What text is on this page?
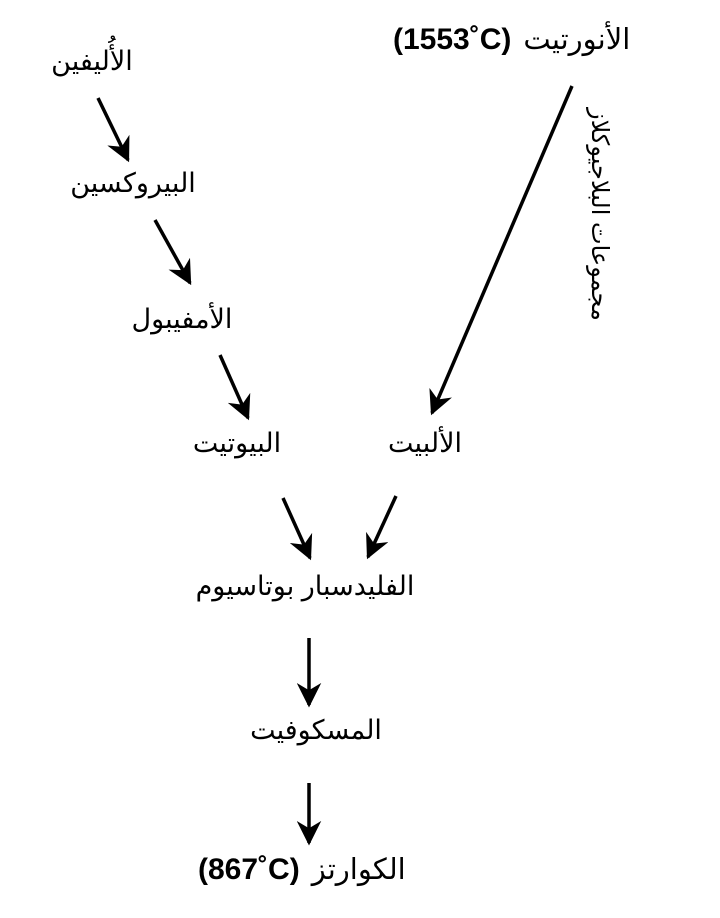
الأُليفين
البيروكسين
الأمفيبول
البيوتيت
(1553˚C) الأنورتيت
الألبيت
مجموعات البلاجيوكلاز
الفليدسبار بوتاسيوم
المسكوفيت
(867˚C) الكوارتز
